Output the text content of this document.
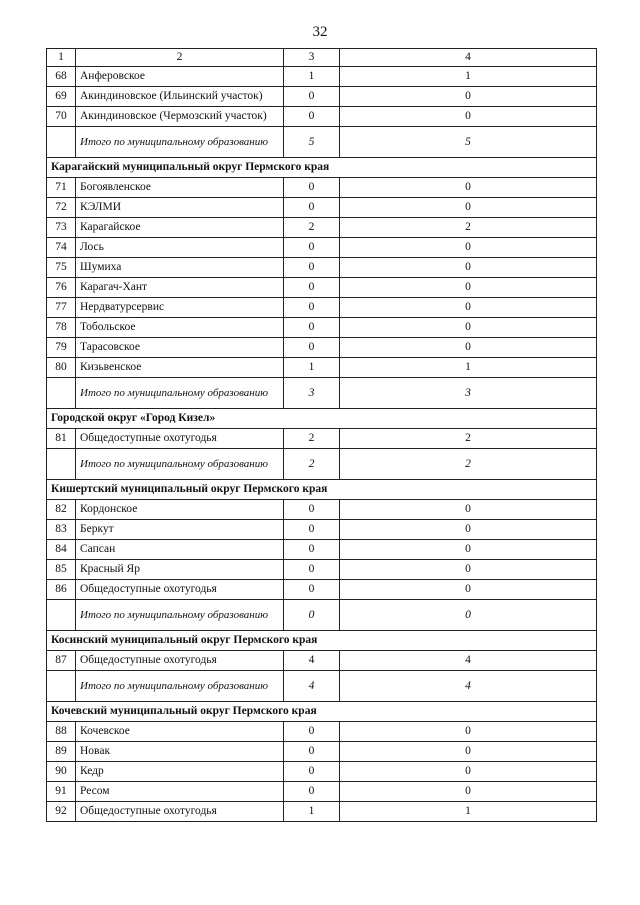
32
1	2	3	4
68	Анферовское	1	1
69	Акиндиновское (Ильинский участок)	0	0
70	Акиндиновское (Чермозский участок)	0	0
	Итого по муниципальному образованию	5	5
Карагайский муниципальный округ Пермского края			
71	Богоявленское	0	0
72	КЭЛМИ	0	0
73	Карагайское	2	2
74	Лось	0	0
75	Шумиха	0	0
76	Карагач-Хант	0	0
77	Нердватурсервис	0	0
78	Тобольское	0	0
79	Тарасовское	0	0
80	Кизьвенское	1	1
	Итого по муниципальному образованию	3	3
Городской округ «Город Кизел»			
81	Общедоступные охотугодья	2	2
	Итого по муниципальному образованию	2	2
Кишертский муниципальный округ Пермского края			
82	Кордонское	0	0
83	Беркут	0	0
84	Сапсан	0	0
85	Красный Яр	0	0
86	Общедоступные охотугодья	0	0
	Итого по муниципальному образованию	0	0
Косинский муниципальный округ Пермского края			
87	Общедоступные охотугодья	4	4
	Итого по муниципальному образованию	4	4
Кочевский муниципальный округ Пермского края			
88	Кочевское	0	0
89	Новак	0	0
90	Кедр	0	0
91	Ресом	0	0
92	Общедоступные охотугодья	1	1
